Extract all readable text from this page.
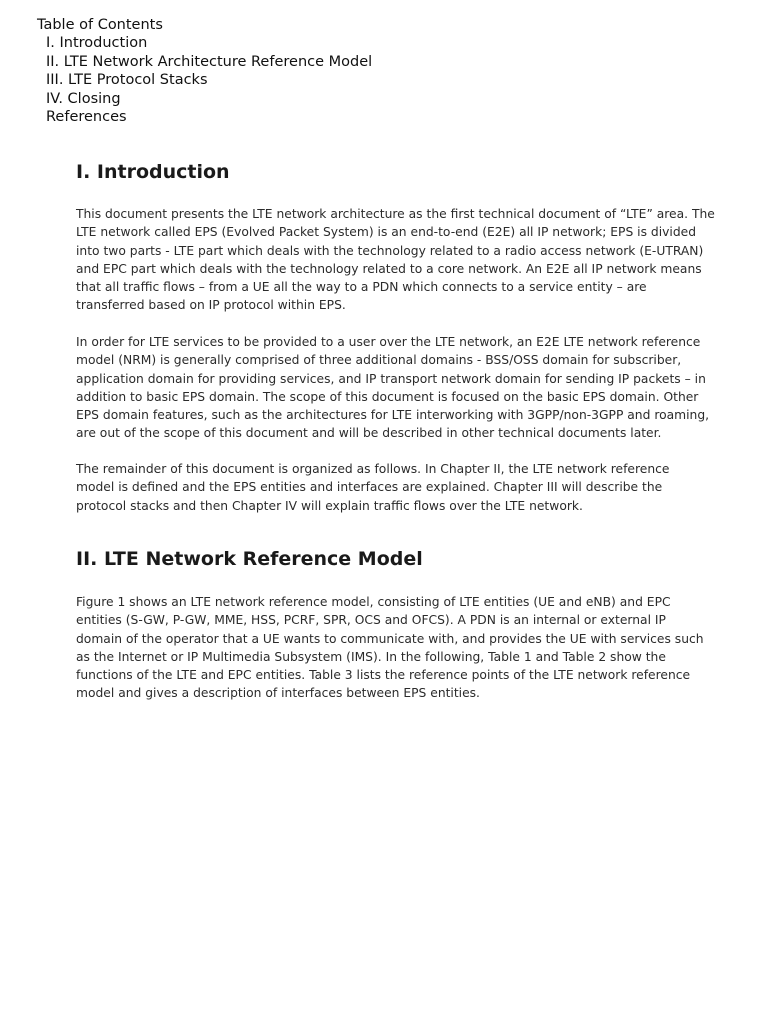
Table of Contents
I. Introduction
II. LTE Network Architecture Reference Model
III. LTE Protocol Stacks
IV. Closing
References
I. Introduction

This document presents the LTE network architecture as the first technical document of “LTE” area. The
LTE network called EPS (Evolved Packet System) is an end-to-end (E2E) all IP network; EPS is divided
into two parts - LTE part which deals with the technology related to a radio access network (E-UTRAN)
and EPC part which deals with the technology related to a core network. An E2E all IP network means
that all traffic flows – from a UE all the way to a PDN which connects to a service entity – are
transferred based on IP protocol within EPS.

In order for LTE services to be provided to a user over the LTE network, an E2E LTE network reference
model (NRM) is generally comprised of three additional domains - BSS/OSS domain for subscriber,
application domain for providing services, and IP transport network domain for sending IP packets – in
addition to basic EPS domain. The scope of this document is focused on the basic EPS domain. Other
EPS domain features, such as the architectures for LTE interworking with 3GPP/non-3GPP and roaming,
are out of the scope of this document and will be described in other technical documents later.

The remainder of this document is organized as follows. In Chapter II, the LTE network reference
model is defined and the EPS entities and interfaces are explained. Chapter III will describe the
protocol stacks and then Chapter IV will explain traffic flows over the LTE network.

II. LTE Network Reference Model

Figure 1 shows an LTE network reference model, consisting of LTE entities (UE and eNB) and EPC
entities (S-GW, P-GW, MME, HSS, PCRF, SPR, OCS and OFCS). A PDN is an internal or external IP
domain of the operator that a UE wants to communicate with, and provides the UE with services such
as the Internet or IP Multimedia Subsystem (IMS). In the following, Table 1 and Table 2 show the
functions of the LTE and EPC entities. Table 3 lists the reference points of the LTE network reference
model and gives a description of interfaces between EPS entities.
